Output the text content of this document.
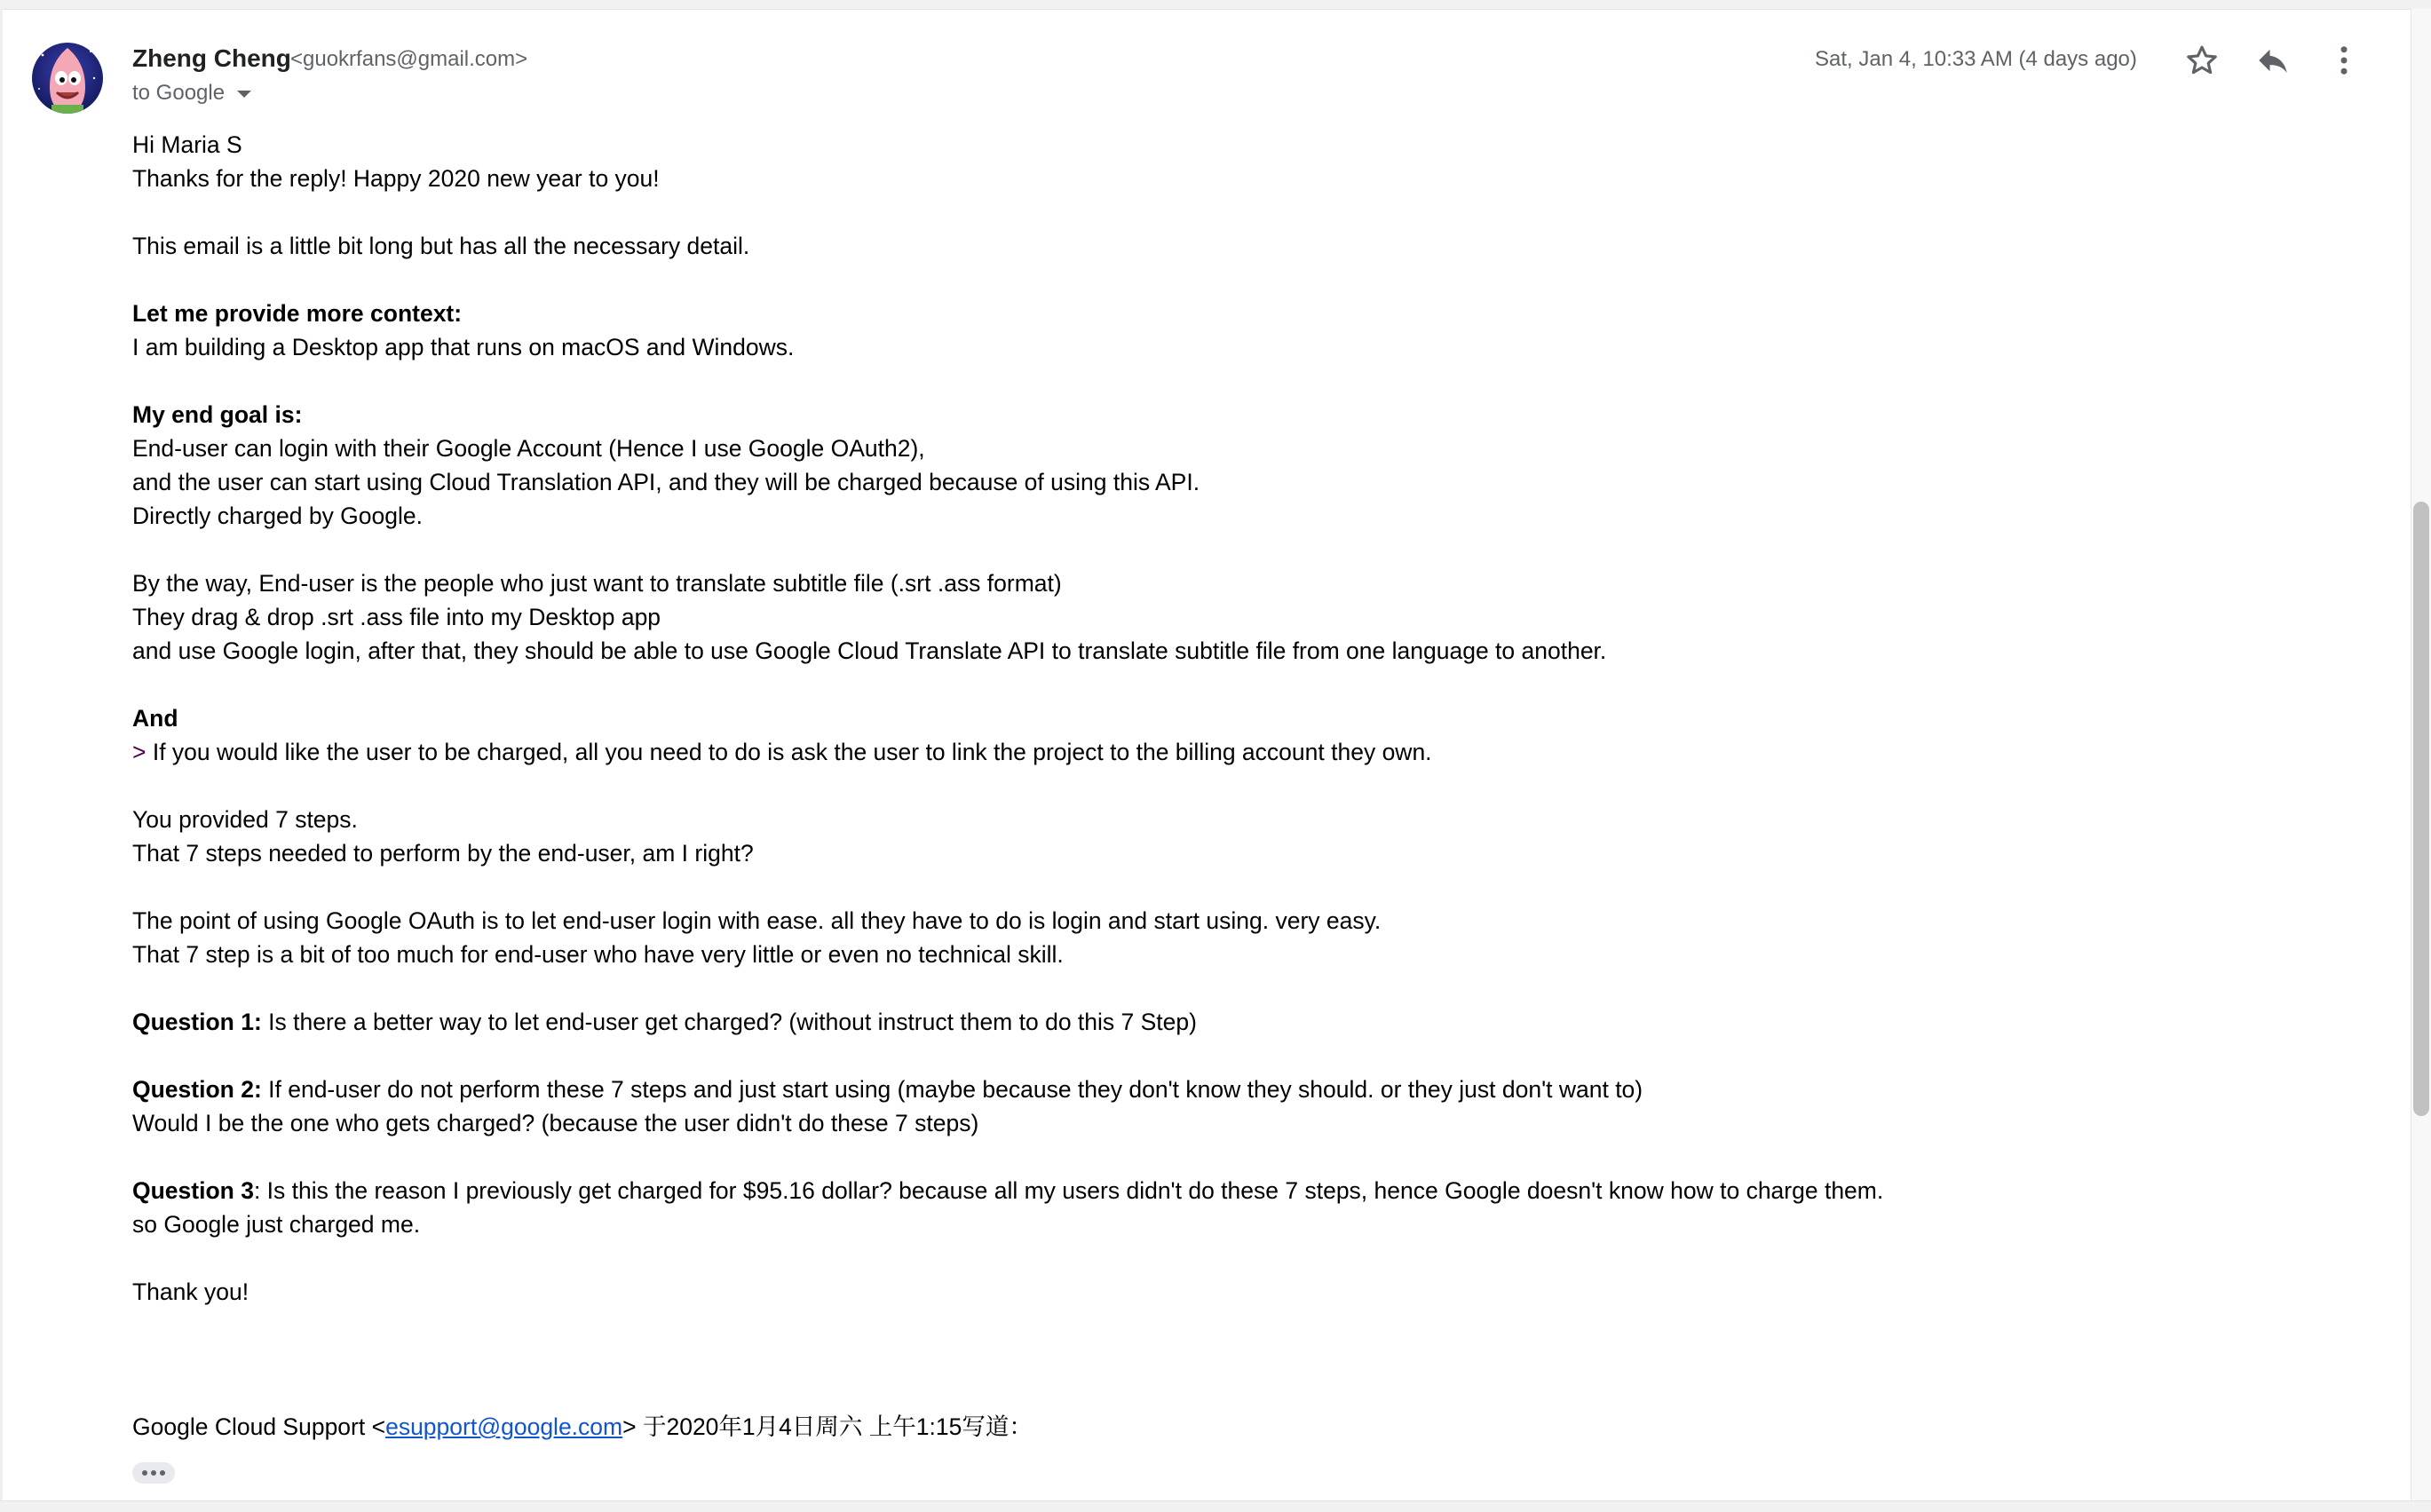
Zheng Cheng <guokrfans@gmail.com>
to Google
Sat, Jan 4, 10:33 AM (4 days ago)

Hi Maria S

Thanks for the reply! Happy 2020 new year to you!

This email is a little bit long but has all the necessary detail.

Let me provide more context:

I am building a Desktop app that runs on macOS and Windows.

My end goal is:

End-user can login with their Google Account (Hence I use Google OAuth2),

and the user can start using Cloud Translation API, and they will be charged because of using this API.

Directly charged by Google.

By the way, End-user is the people who just want to translate subtitle file (.srt .ass format)

They drag & drop .srt .ass file into my Desktop app

and use Google login, after that, they should be able to use Google Cloud Translate API to translate subtitle file from one language to another.

And

> If you would like the user to be charged, all you need to do is ask the user to link the project to the billing account they own.

You provided 7 steps.

That 7 steps needed to perform by the end-user, am I right?

The point of using Google OAuth is to let end-user login with ease. all they have to do is login and start using. very easy.

That 7 step is a bit of too much for end-user who have very little or even no technical skill.

Question 1: Is there a better way to let end-user get charged? (without instruct them to do this 7 Step)

Question 2: If end-user do not perform these 7 steps and just start using (maybe because they don't know they should. or they just don't want to)

Would I be the one who gets charged? (because the user didn't do these 7 steps)

Question 3: Is this the reason I previously get charged for $95.16 dollar? because all my users didn't do these 7 steps, hence Google doesn't know how to charge them.

so Google just charged me.

Thank you!

Google Cloud Support <esupport@google.com> 于2020年1月4日周六 上午1:15写道：
